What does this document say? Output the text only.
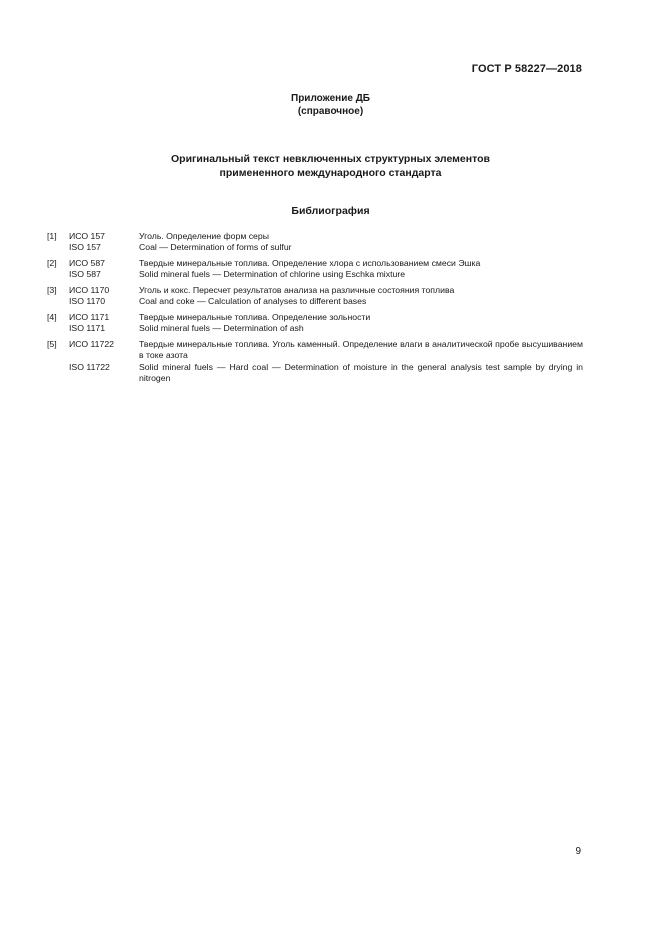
ГОСТ Р 58227—2018
Приложение ДБ
(справочное)
Оригинальный текст невключенных структурных элементов
примененного международного стандарта
Библиография
[1]	ИСО 157	Уголь. Определение форм серы
ISO 157	Coal — Determination of forms of sulfur
[2]	ИСО 587	Твердые минеральные топлива. Определение хлора с использованием смеси Эшка
ISO 587	Solid mineral fuels — Determination of chlorine using Eschka mixture
[3]	ИСО 1170	Уголь и кокс. Пересчет результатов анализа на различные состояния топлива
ISO 1170	Coal and coke — Calculation of analyses to different bases
[4]	ИСО 1171	Твердые минеральные топлива. Определение зольности
ISO 1171	Solid mineral fuels — Determination of ash
[5]	ИСО 11722	Твердые минеральные топлива. Уголь каменный. Определение влаги в аналитической пробе высушиванием в токе азота
ISO 11722	Solid mineral fuels — Hard coal — Determination of moisture in the general analysis test sample by drying in nitrogen
9
